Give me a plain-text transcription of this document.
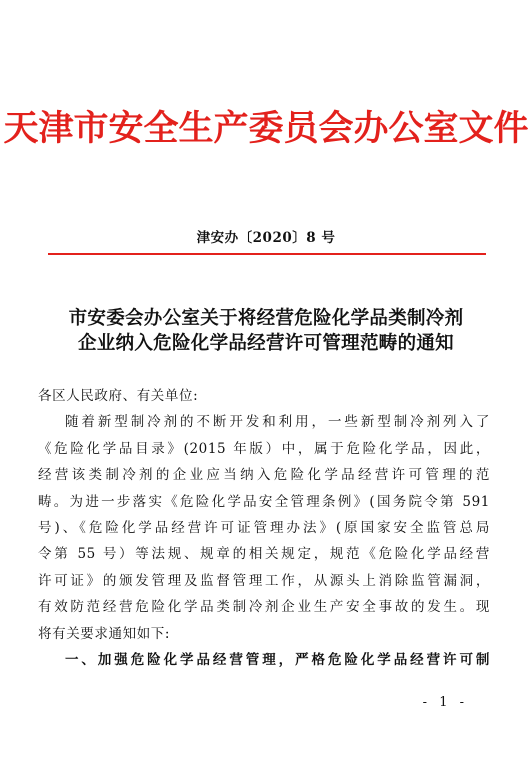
天津市安全生产委员会办公室文件
津安办〔2020〕8 号
市安委会办公室关于将经营危险化学品类制冷剂
企业纳入危险化学品经营许可管理范畴的通知
各区人民政府、有关单位:
随着新型制冷剂的不断开发和利用，一些新型制冷剂列入了
《危险化学品目录》(2015 年版）中，属于危险化学品，因此，
经营该类制冷剂的企业应当纳入危险化学品经营许可管理的范
畴。为进一步落实《危险化学品安全管理条例》(国务院令第 591
号)、《危险化学品经营许可证管理办法》(原国家安全监管总局
令第 55 号）等法规、规章的相关规定，规范《危险化学品经营
许可证》的颁发管理及监督管理工作，从源头上消除监管漏洞，
有效防范经营危险化学品类制冷剂企业生产安全事故的发生。现
将有关要求通知如下:
一、加强危险化学品经营管理，严格危险化学品经营许可制
- 1 -
